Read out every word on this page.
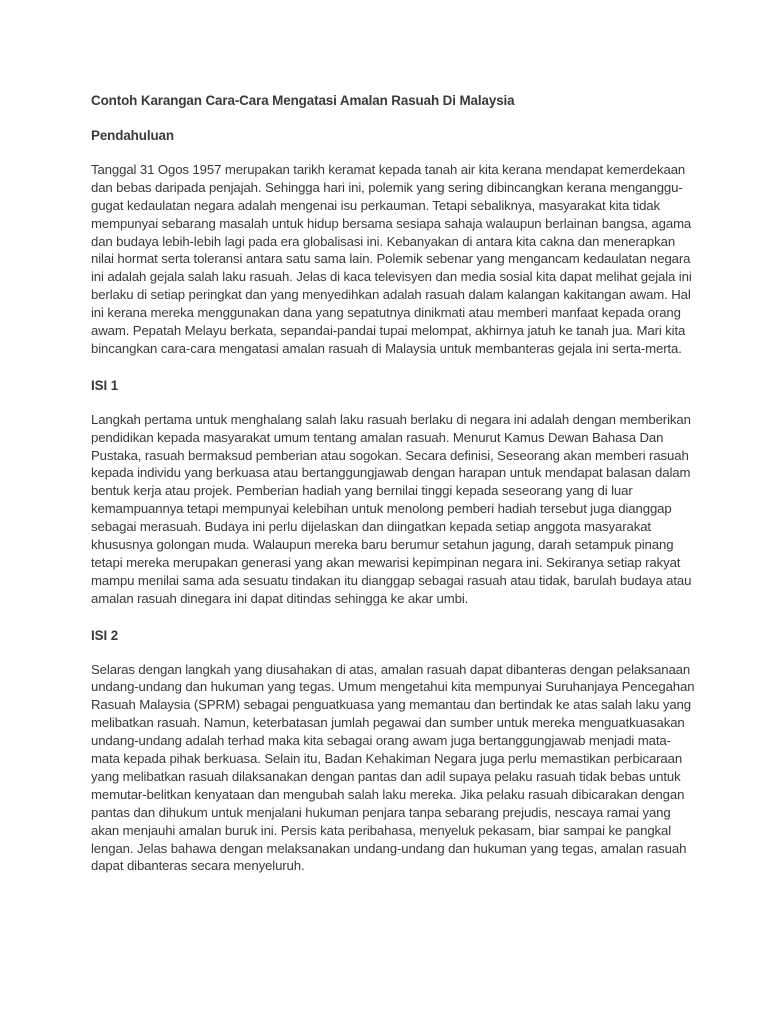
Contoh Karangan Cara-Cara Mengatasi Amalan Rasuah Di Malaysia
Pendahuluan
Tanggal 31 Ogos 1957 merupakan tarikh keramat kepada tanah air kita kerana mendapat kemerdekaan
dan bebas daripada penjajah. Sehingga hari ini, polemik yang sering dibincangkan kerana menganggu-
gugat kedaulatan negara adalah mengenai isu perkauman. Tetapi sebaliknya, masyarakat kita tidak
mempunyai sebarang masalah untuk hidup bersama sesiapa sahaja walaupun berlainan bangsa, agama
dan budaya lebih-lebih lagi pada era globalisasi ini. Kebanyakan di antara kita cakna dan menerapkan
nilai hormat serta toleransi antara satu sama lain. Polemik sebenar yang mengancam kedaulatan negara
ini adalah gejala salah laku rasuah. Jelas di kaca televisyen dan media sosial kita dapat melihat gejala ini
berlaku di setiap peringkat dan yang menyedihkan adalah rasuah dalam kalangan kakitangan awam. Hal
ini kerana mereka menggunakan dana yang sepatutnya dinikmati atau memberi manfaat kepada orang
awam. Pepatah Melayu berkata, sepandai-pandai tupai melompat, akhirnya jatuh ke tanah jua. Mari kita
bincangkan cara-cara mengatasi amalan rasuah di Malaysia untuk membanteras gejala ini serta-merta.
ISI 1
Langkah pertama untuk menghalang salah laku rasuah berlaku di negara ini adalah dengan memberikan
pendidikan kepada masyarakat umum tentang amalan rasuah. Menurut Kamus Dewan Bahasa Dan
Pustaka, rasuah bermaksud pemberian atau sogokan. Secara definisi, Seseorang akan memberi rasuah
kepada individu yang berkuasa atau bertanggungjawab dengan harapan untuk mendapat balasan dalam
bentuk kerja atau projek. Pemberian hadiah yang bernilai tinggi kepada seseorang yang di luar
kemampuannya tetapi mempunyai kelebihan untuk menolong pemberi hadiah tersebut juga dianggap
sebagai merasuah. Budaya ini perlu dijelaskan dan diingatkan kepada setiap anggota masyarakat
khususnya golongan muda. Walaupun mereka baru berumur setahun jagung, darah setampuk pinang
tetapi mereka merupakan generasi yang akan mewarisi kepimpinan negara ini. Sekiranya setiap rakyat
mampu menilai sama ada sesuatu tindakan itu dianggap sebagai rasuah atau tidak, barulah budaya atau
amalan rasuah dinegara ini dapat ditindas sehingga ke akar umbi.
ISI 2
Selaras dengan langkah yang diusahakan di atas, amalan rasuah dapat dibanteras dengan pelaksanaan
undang-undang dan hukuman yang tegas. Umum mengetahui kita mempunyai Suruhanjaya Pencegahan
Rasuah Malaysia (SPRM) sebagai penguatkuasa yang memantau dan bertindak ke atas salah laku yang
melibatkan rasuah. Namun, keterbatasan jumlah pegawai dan sumber untuk mereka menguatkuasakan
undang-undang adalah terhad maka kita sebagai orang awam juga bertanggungjawab menjadi mata-
mata kepada pihak berkuasa. Selain itu, Badan Kehakiman Negara juga perlu memastikan perbicaraan
yang melibatkan rasuah dilaksanakan dengan pantas dan adil supaya pelaku rasuah tidak bebas untuk
memutar-belitkan kenyataan dan mengubah salah laku mereka. Jika pelaku rasuah dibicarakan dengan
pantas dan dihukum untuk menjalani hukuman penjara tanpa sebarang prejudis, nescaya ramai yang
akan menjauhi amalan buruk ini. Persis kata peribahasa, menyeluk pekasam, biar sampai ke pangkal
lengan. Jelas bahawa dengan melaksanakan undang-undang dan hukuman yang tegas, amalan rasuah
dapat dibanteras secara menyeluruh.
